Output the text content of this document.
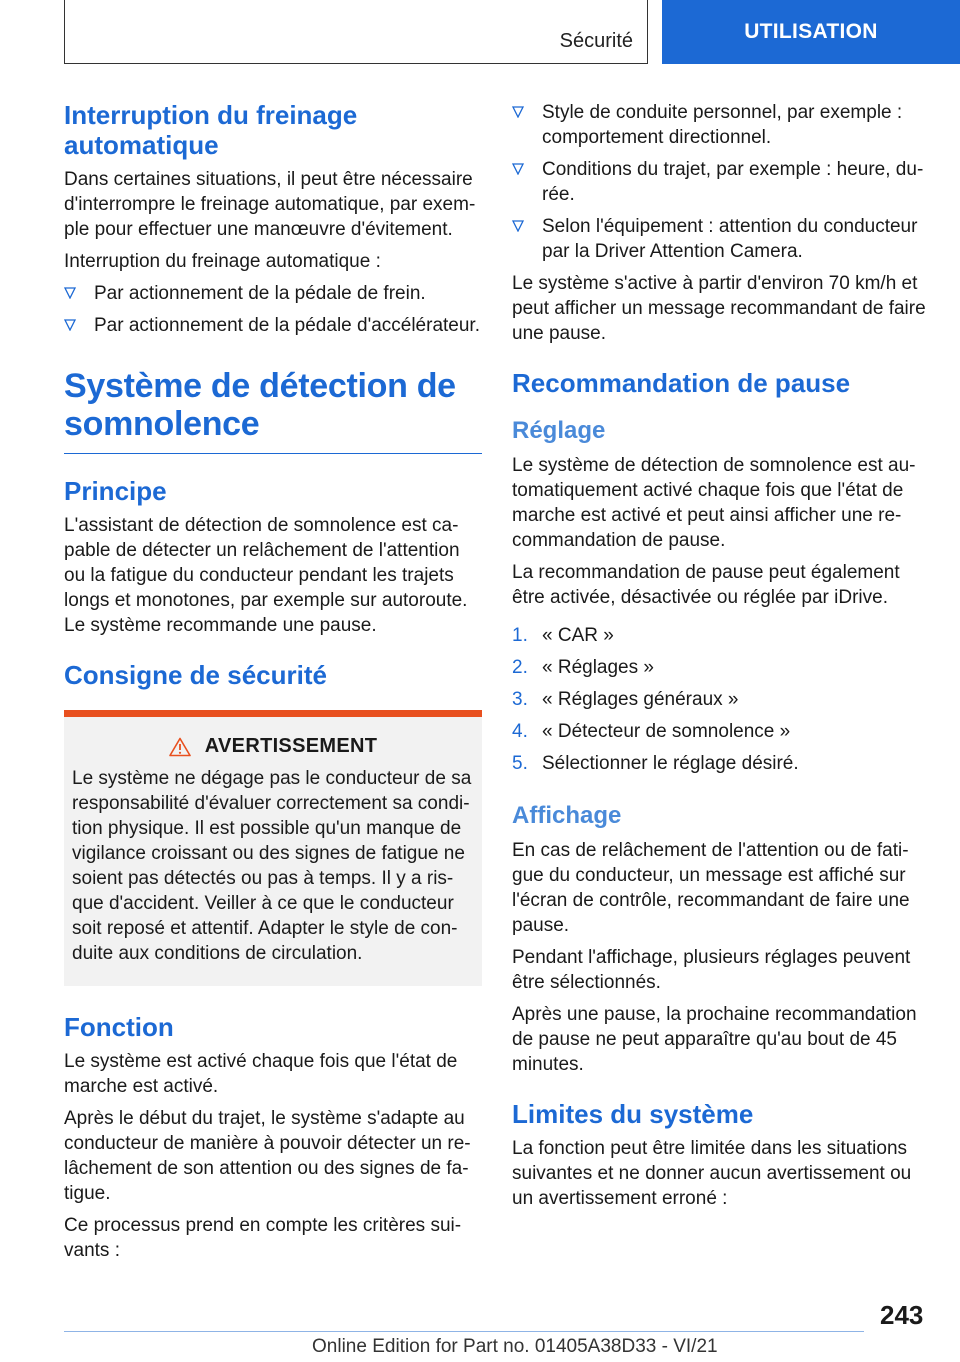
Sécurité	UTILISATION
Interruption du freinage automatique

Dans certaines situations, il peut être nécessaire d'interrompre le freinage automatique, par exem-ple pour effectuer une manœuvre d'évitement.

Interruption du freinage automatique :

Par actionnement de la pédale de frein.
Par actionnement de la pédale d'accélérateur.
Système de détection de somnolence
Principe

L'assistant de détection de somnolence est ca-pable de détecter un relâchement de l'attention ou la fatigue du conducteur pendant les trajets longs et monotones, par exemple sur autoroute. Le système recommande une pause.

Consigne de sécurité
AVERTISSEMENT

Le système ne dégage pas le conducteur de sa responsabilité d'évaluer correctement sa condi-tion physique. Il est possible qu'un manque de vigilance croissant ou des signes de fatigue ne soient pas détectés ou pas à temps. Il y a ris-que d'accident. Veiller à ce que le conducteur soit reposé et attentif. Adapter le style de con-duite aux conditions de circulation.

Fonction

Le système est activé chaque fois que l'état de marche est activé.

Après le début du trajet, le système s'adapte au conducteur de manière à pouvoir détecter un re-lâchement de son attention ou des signes de fa-tigue.

Ce processus prend en compte les critères sui-vants :

Style de conduite personnel, par exemple : comportement directionnel.
Conditions du trajet, par exemple : heure, du-rée.
Selon l'équipement : attention du conducteur par la Driver Attention Camera.

Le système s'active à partir d'environ 70 km/h et peut afficher un message recommandant de faire une pause.

Recommandation de pause
Réglage

Le système de détection de somnolence est au-tomatiquement activé chaque fois que l'état de marche est activé et peut ainsi afficher une re-commandation de pause.

La recommandation de pause peut également être activée, désactivée ou réglée par iDrive.

1. « CAR »
2. « Réglages »
3. « Réglages généraux »
4. « Détecteur de somnolence »
5. Sélectionner le réglage désiré.
Affichage

En cas de relâchement de l'attention ou de fati-gue du conducteur, un message est affiché sur l'écran de contrôle, recommandant de faire une pause.

Pendant l'affichage, plusieurs réglages peuvent être sélectionnés.

Après une pause, la prochaine recommandation de pause ne peut apparaître qu'au bout de 45 minutes.

Limites du système

La fonction peut être limitée dans les situations suivantes et ne donner aucun avertissement ou un avertissement erroné :

243
Online Edition for Part no. 01405A38D33 - VI/21
